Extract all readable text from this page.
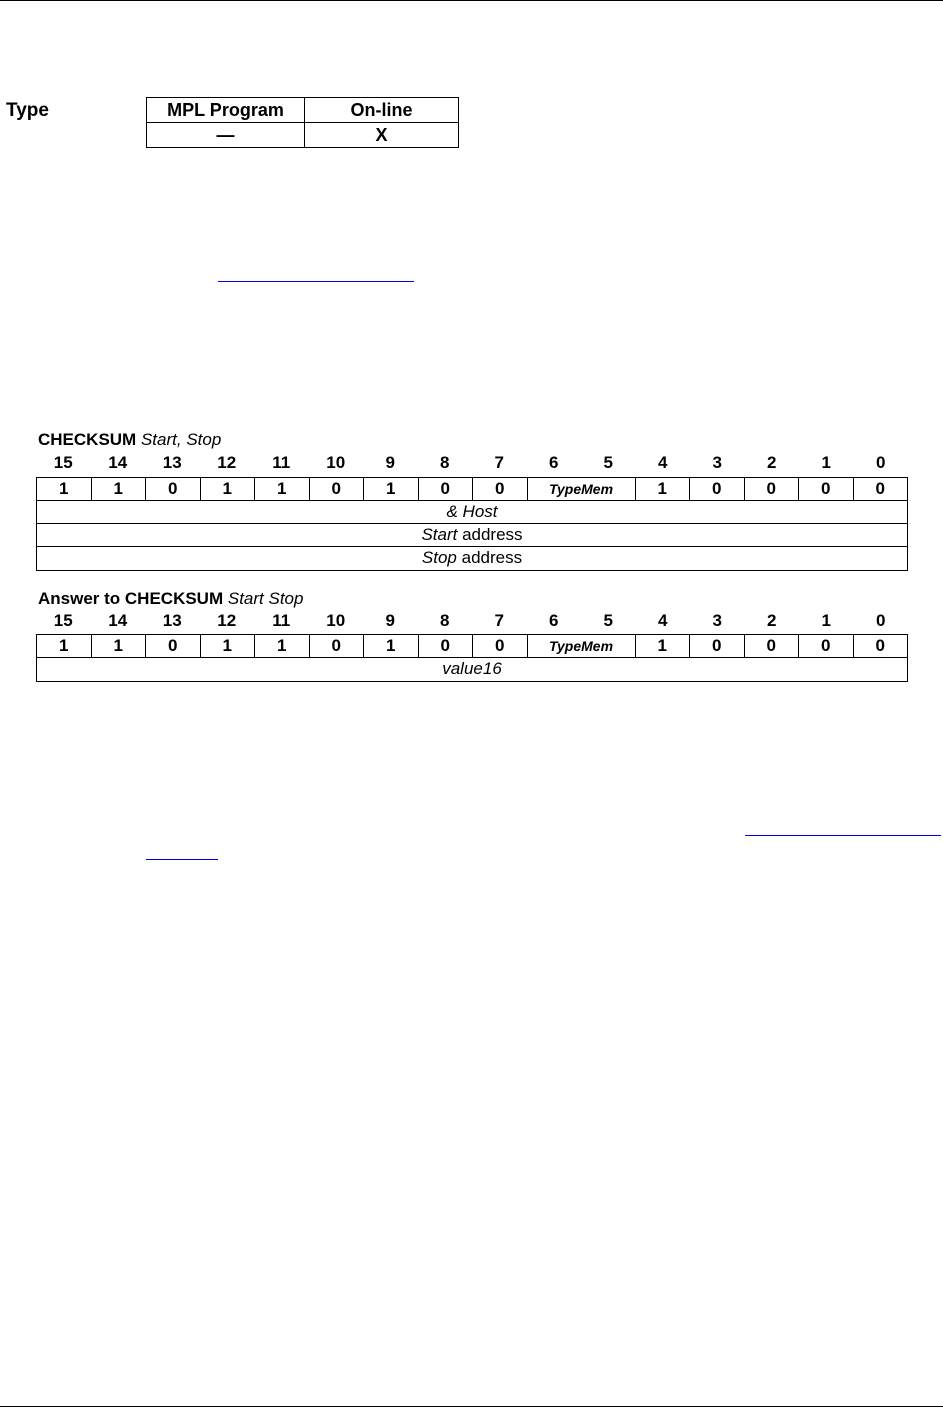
Type	MPL Program	On-line
—	X
CHECKSUM Start, Stop
15	14	13	12	11	10	9	8	7	6	5	4	3	2	1	0
1	1	0	1	1	0	1	0	0	TypeMem	1	0	0	0	0
& Host
Start address
Stop address
Answer to CHECKSUM Start Stop
15	14	13	12	11	10	9	8	7	6	5	4	3	2	1	0
1	1	0	1	1	0	1	0	0	TypeMem	1	0	0	0	0
value16
